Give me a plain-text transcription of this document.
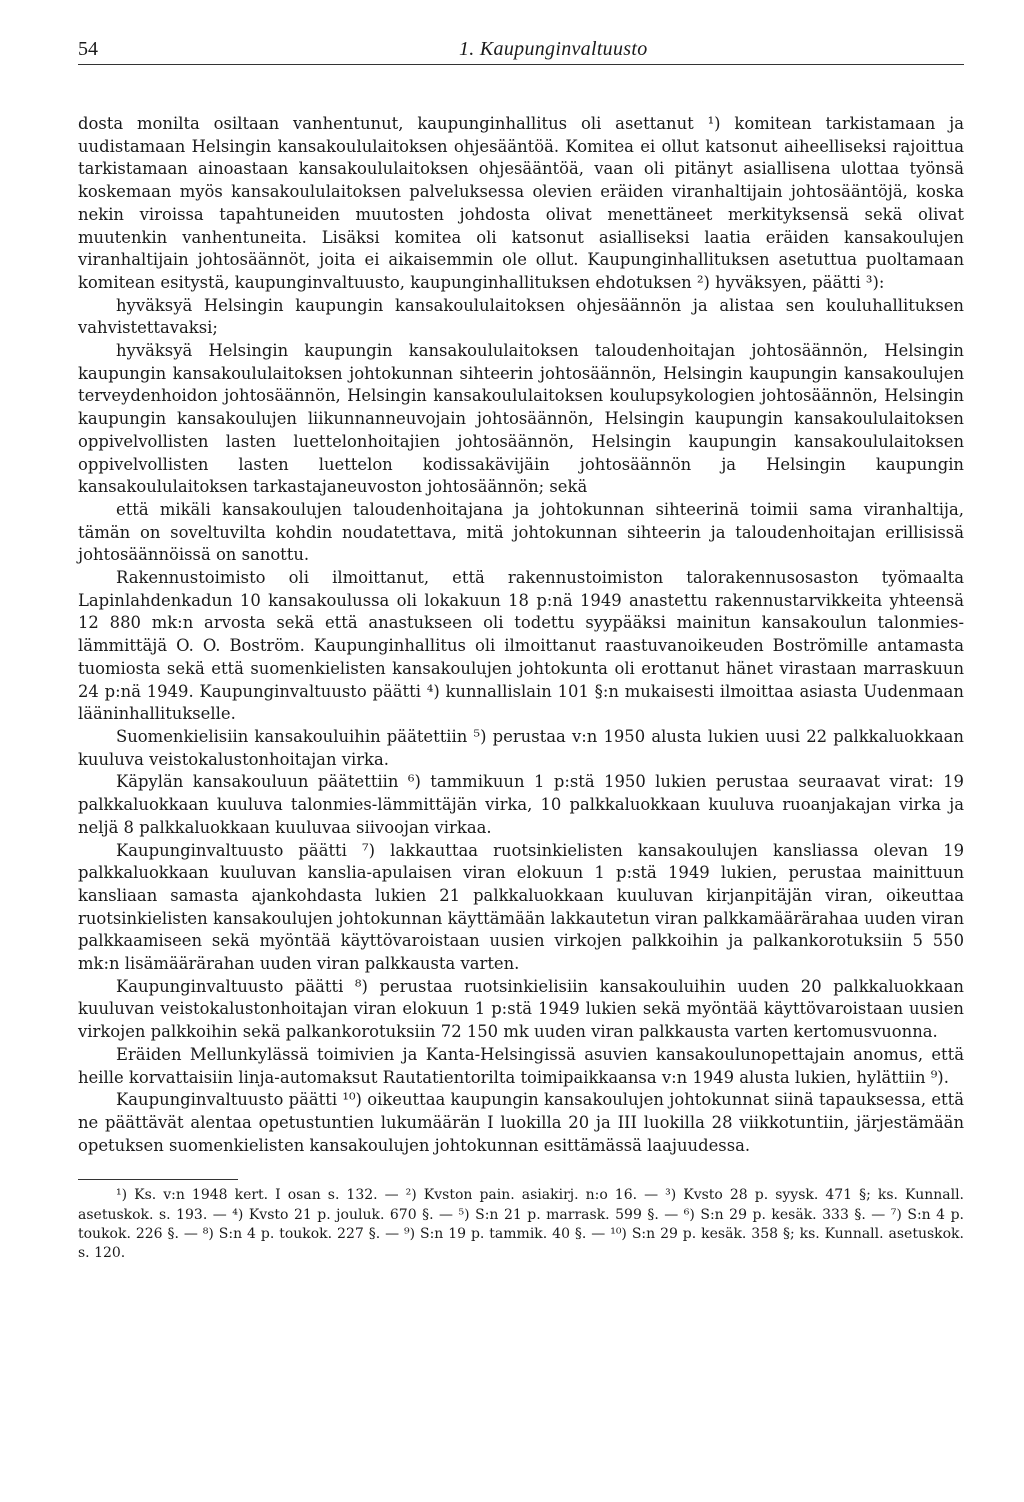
54	1. Kaupunginvaltuusto

dosta monilta osiltaan vanhentunut, kaupunginhallitus oli asettanut ¹) komitean tarkistamaan ja uudistamaan Helsingin kansakoululaitoksen ohjesääntöä. Komitea ei ollut katsonut aiheelliseksi rajoittua tarkistamaan ainoastaan kansakoululaitoksen ohjesääntöä, vaan oli pitänyt asiallisena ulottaa työnsä koskemaan myös kansakoululaitoksen palveluksessa olevien eräiden viranhaltijain johtosääntöjä, koska nekin viroissa tapahtuneiden muutosten johdosta olivat menettäneet merkityksensä sekä olivat muutenkin vanhentuneita. Lisäksi komitea oli katsonut asialliseksi laatia eräiden kansakoulujen viranhaltijain johtosäännöt, joita ei aikaisemmin ole ollut. Kaupunginhallituksen asetuttua puoltamaan komitean esitystä, kaupunginvaltuusto, kaupunginhallituksen ehdotuksen ²) hyväksyen, päätti ³):

hyväksyä Helsingin kaupungin kansakoululaitoksen ohjesäännön ja alistaa sen kouluhallituksen vahvistettavaksi;

hyväksyä Helsingin kaupungin kansakoululaitoksen taloudenhoitajan johtosäännön, Helsingin kaupungin kansakoululaitoksen johtokunnan sihteerin johtosäännön, Helsingin kaupungin kansakoulujen terveydenhoidon johtosäännön, Helsingin kansakoululaitoksen koulupsykologien johtosäännön, Helsingin kaupungin kansakoulujen liikunnanneuvojain johtosäännön, Helsingin kaupungin kansakoululaitoksen oppivelvollisten lasten luettelonhoitajien johtosäännön, Helsingin kaupungin kansakoululaitoksen oppivelvollisten lasten luettelon kodissakävijäin johtosäännön ja Helsingin kaupungin kansakoululaitoksen tarkastajaneuvoston johtosäännön; sekä

että mikäli kansakoulujen taloudenhoitajana ja johtokunnan sihteerinä toimii sama viranhaltija, tämän on soveltuvilta kohdin noudatettava, mitä johtokunnan sihteerin ja taloudenhoitajan erillisissä johtosäännöissä on sanottu.

Rakennustoimisto oli ilmoittanut, että rakennustoimiston talorakennusosaston työmaalta Lapinlahdenkadun 10 kansakoulussa oli lokakuun 18 p:nä 1949 anastettu rakennustarvikkeita yhteensä 12 880 mk:n arvosta sekä että anastukseen oli todettu syypääksi mainitun kansakoulun talonmies-lämmittäjä O. O. Boström. Kaupunginhallitus oli ilmoittanut raastuvanoikeuden Boströmille antamasta tuomiosta sekä että suomenkielisten kansakoulujen johtokunta oli erottanut hänet virastaan marraskuun 24 p:nä 1949. Kaupunginvaltuusto päätti ⁴) kunnallislain 101 §:n mukaisesti ilmoittaa asiasta Uudenmaan lääninhallitukselle.

Suomenkielisiin kansakouluihin päätettiin ⁵) perustaa v:n 1950 alusta lukien uusi 22 palkkaluokkaan kuuluva veistokalustonhoitajan virka.

Käpylän kansakouluun päätettiin ⁶) tammikuun 1 p:stä 1950 lukien perustaa seuraavat virat: 19 palkkaluokkaan kuuluva talonmies-lämmittäjän virka, 10 palkkaluokkaan kuuluva ruoanjakajan virka ja neljä 8 palkkaluokkaan kuuluvaa siivoojan virkaa.

Kaupunginvaltuusto päätti ⁷) lakkauttaa ruotsinkielisten kansakoulujen kansliassa olevan 19 palkkaluokkaan kuuluvan kanslia-apulaisen viran elokuun 1 p:stä 1949 lukien, perustaa mainittuun kansliaan samasta ajankohdasta lukien 21 palkkaluokkaan kuuluvan kirjanpitäjän viran, oikeuttaa ruotsinkielisten kansakoulujen johtokunnan käyttämään lakkautetun viran palkkamäärärahaa uuden viran palkkaamiseen sekä myöntää käyttövaroistaan uusien virkojen palkkoihin ja palkankorotuksiin 5 550 mk:n lisämäärärahan uuden viran palkkausta varten.

Kaupunginvaltuusto päätti ⁸) perustaa ruotsinkielisiin kansakouluihin uuden 20 palkkaluokkaan kuuluvan veistokalustonhoitajan viran elokuun 1 p:stä 1949 lukien sekä myöntää käyttövaroistaan uusien virkojen palkkoihin sekä palkankorotuksiin 72 150 mk uuden viran palkkausta varten kertomusvuonna.

Eräiden Mellunkylässä toimivien ja Kanta-Helsingissä asuvien kansakoulunopettajain anomus, että heille korvattaisiin linja-automaksut Rautatientorilta toimipaikkaansa v:n 1949 alusta lukien, hylättiin ⁹).

Kaupunginvaltuusto päätti ¹⁰) oikeuttaa kaupungin kansakoulujen johtokunnat siinä tapauksessa, että ne päättävät alentaa opetustuntien lukumäärän I luokilla 20 ja III luokilla 28 viikkotuntiin, järjestämään opetuksen suomenkielisten kansakoulujen johtokunnan esittämässä laajuudessa.

¹) Ks. v:n 1948 kert. I osan s. 132. — ²) Kvston pain. asiakirj. n:o 16. — ³) Kvsto 28 p. syysk. 471 §; ks. Kunnall. asetuskok. s. 193. — ⁴) Kvsto 21 p. jouluk. 670 §. — ⁵) S:n 21 p. marrask. 599 §. — ⁶) S:n 29 p. kesäk. 333 §. — ⁷) S:n 4 p. toukok. 226 §. — ⁸) S:n 4 p. toukok. 227 §. — ⁹) S:n 19 p. tammik. 40 §. — ¹⁰) S:n 29 p. kesäk. 358 §; ks. Kunnall. asetuskok. s. 120.
